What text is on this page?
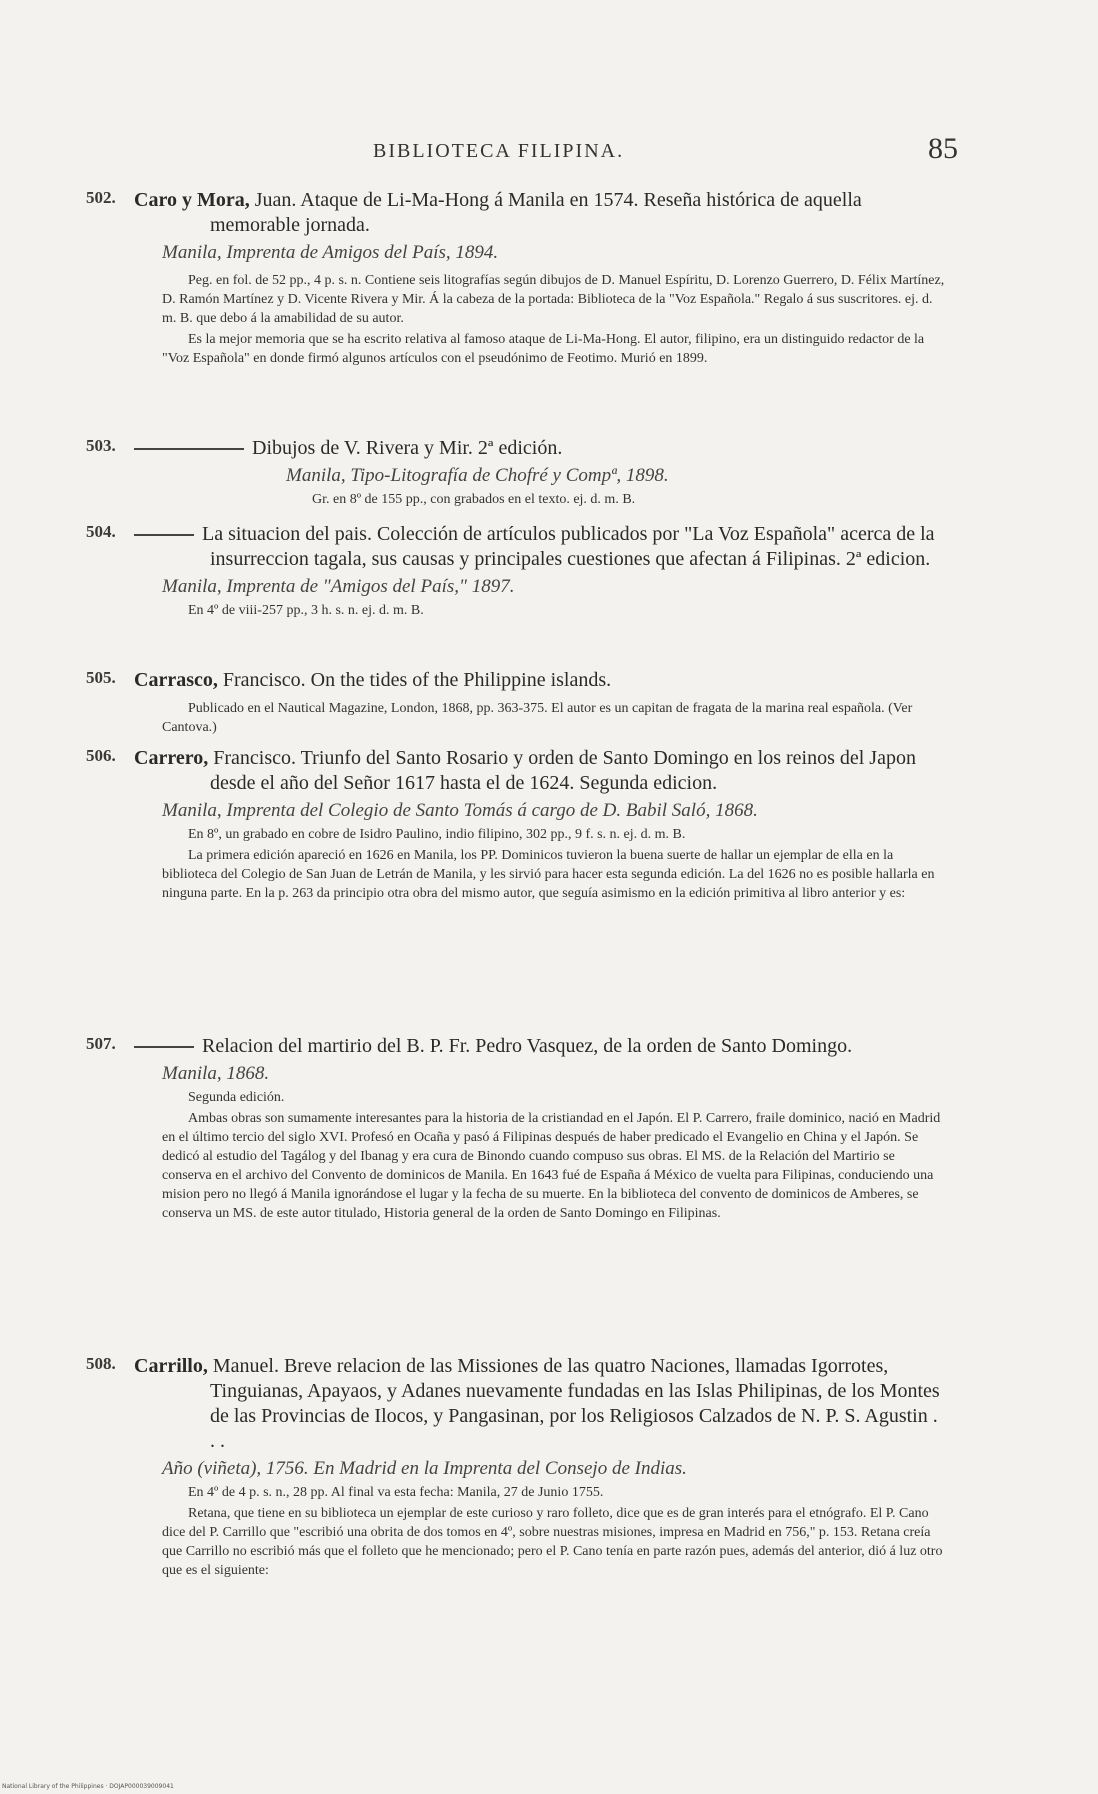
BIBLIOTECA FILIPINA.	85
502. Caro y Mora, Juan. Ataque de Li-Ma-Hong á Manila en 1574. Reseña histórica de aquella memorable jornada.
Manila, Imprenta de Amigos del País, 1894.
Peg. en fol. de 52 pp., 4 p. s. n. Contiene seis litografías según dibujos de D. Manuel Espíritu, D. Lorenzo Guerrero, D. Félix Martínez, D. Ramón Martínez y D. Vicente Rivera y Mir. Á la cabeza de la portada: Biblioteca de la "Voz Española." Regalo á sus suscritores. ej. d. m. B. que debo á la amabilidad de su autor.
Es la mejor memoria que se ha escrito relativa al famoso ataque de Li-Ma-Hong. El autor, filipino, era un distinguido redactor de la "Voz Española" en donde firmó algunos artículos con el pseudónimo de Feotimo. Murió en 1899.
503.	Dibujos de V. Rivera y Mir. 2ª edición.
Manila, Tipo-Litografía de Chofré y Compª, 1898.
Gr. en 8º de 155 pp., con grabados en el texto. ej. d. m. B.
504.	La situacion del pais. Colección de artículos publicados por "La Voz Española" acerca de la insurreccion tagala, sus causas y principales cuestiones que afectan á Filipinas. 2ª edicion.
Manila, Imprenta de "Amigos del País," 1897.
En 4º de viii-257 pp., 3 h. s. n. ej. d. m. B.
505. Carrasco, Francisco. On the tides of the Philippine islands.
Publicado en el Nautical Magazine, London, 1868, pp. 363-375. El autor es un capitan de fragata de la marina real española. (Ver Cantova.)
506. Carrero, Francisco. Triunfo del Santo Rosario y orden de Santo Domingo en los reinos del Japon desde el año del Señor 1617 hasta el de 1624. Segunda edicion.
Manila, Imprenta del Colegio de Santo Tomás á cargo de D. Babil Saló, 1868.
En 8º, un grabado en cobre de Isidro Paulino, indio filipino, 302 pp., 9 f. s. n. ej. d. m. B.
La primera edición apareció en 1626 en Manila, los PP. Dominicos tuvieron la buena suerte de hallar un ejemplar de ella en la biblioteca del Colegio de San Juan de Letrán de Manila, y les sirvió para hacer esta segunda edición. La del 1626 no es posible hallarla en ninguna parte. En la p. 263 da principio otra obra del mismo autor, que seguía asimismo en la edición primitiva al libro anterior y es:
507.	Relacion del martirio del B. P. Fr. Pedro Vasquez, de la orden de Santo Domingo.
Manila, 1868.
Segunda edición.
Ambas obras son sumamente interesantes para la historia de la cristiandad en el Japón. El P. Carrero, fraile dominico, nació en Madrid en el último tercio del siglo XVI. Profesó en Ocaña y pasó á Filipinas después de haber predicado el Evangelio en China y el Japón. Se dedicó al estudio del Tagálog y del Ibanag y era cura de Binondo cuando compuso sus obras. El MS. de la Relación del Martirio se conserva en el archivo del Convento de dominicos de Manila. En 1643 fué de España á México de vuelta para Filipinas, conduciendo una mision pero no llegó á Manila ignorándose el lugar y la fecha de su muerte. En la biblioteca del convento de dominicos de Amberes, se conserva un MS. de este autor titulado, Historia general de la orden de Santo Domingo en Filipinas.
508. Carrillo, Manuel. Breve relacion de las Missiones de las quatro Naciones, llamadas Igorrotes, Tinguianas, Apayaos, y Adanes nuevamente fundadas en las Islas Philipinas, de los Montes de las Provincias de Ilocos, y Pangasinan, por los Religiosos Calzados de N. P. S. Agustin . . .
Año (viñeta), 1756. En Madrid en la Imprenta del Consejo de Indias.
En 4º de 4 p. s. n., 28 pp. Al final va esta fecha: Manila, 27 de Junio 1755.
Retana, que tiene en su biblioteca un ejemplar de este curioso y raro folleto, dice que es de gran interés para el etnógrafo. El P. Cano dice del P. Carrillo que "escribió una obrita de dos tomos en 4º, sobre nuestras misiones, impresa en Madrid en 756," p. 153. Retana creía que Carrillo no escribió más que el folleto que he mencionado; pero el P. Cano tenía en parte razón pues, además del anterior, dió á luz otro que es el siguiente:
National Library of the Philippines · DOJAP000039009041
